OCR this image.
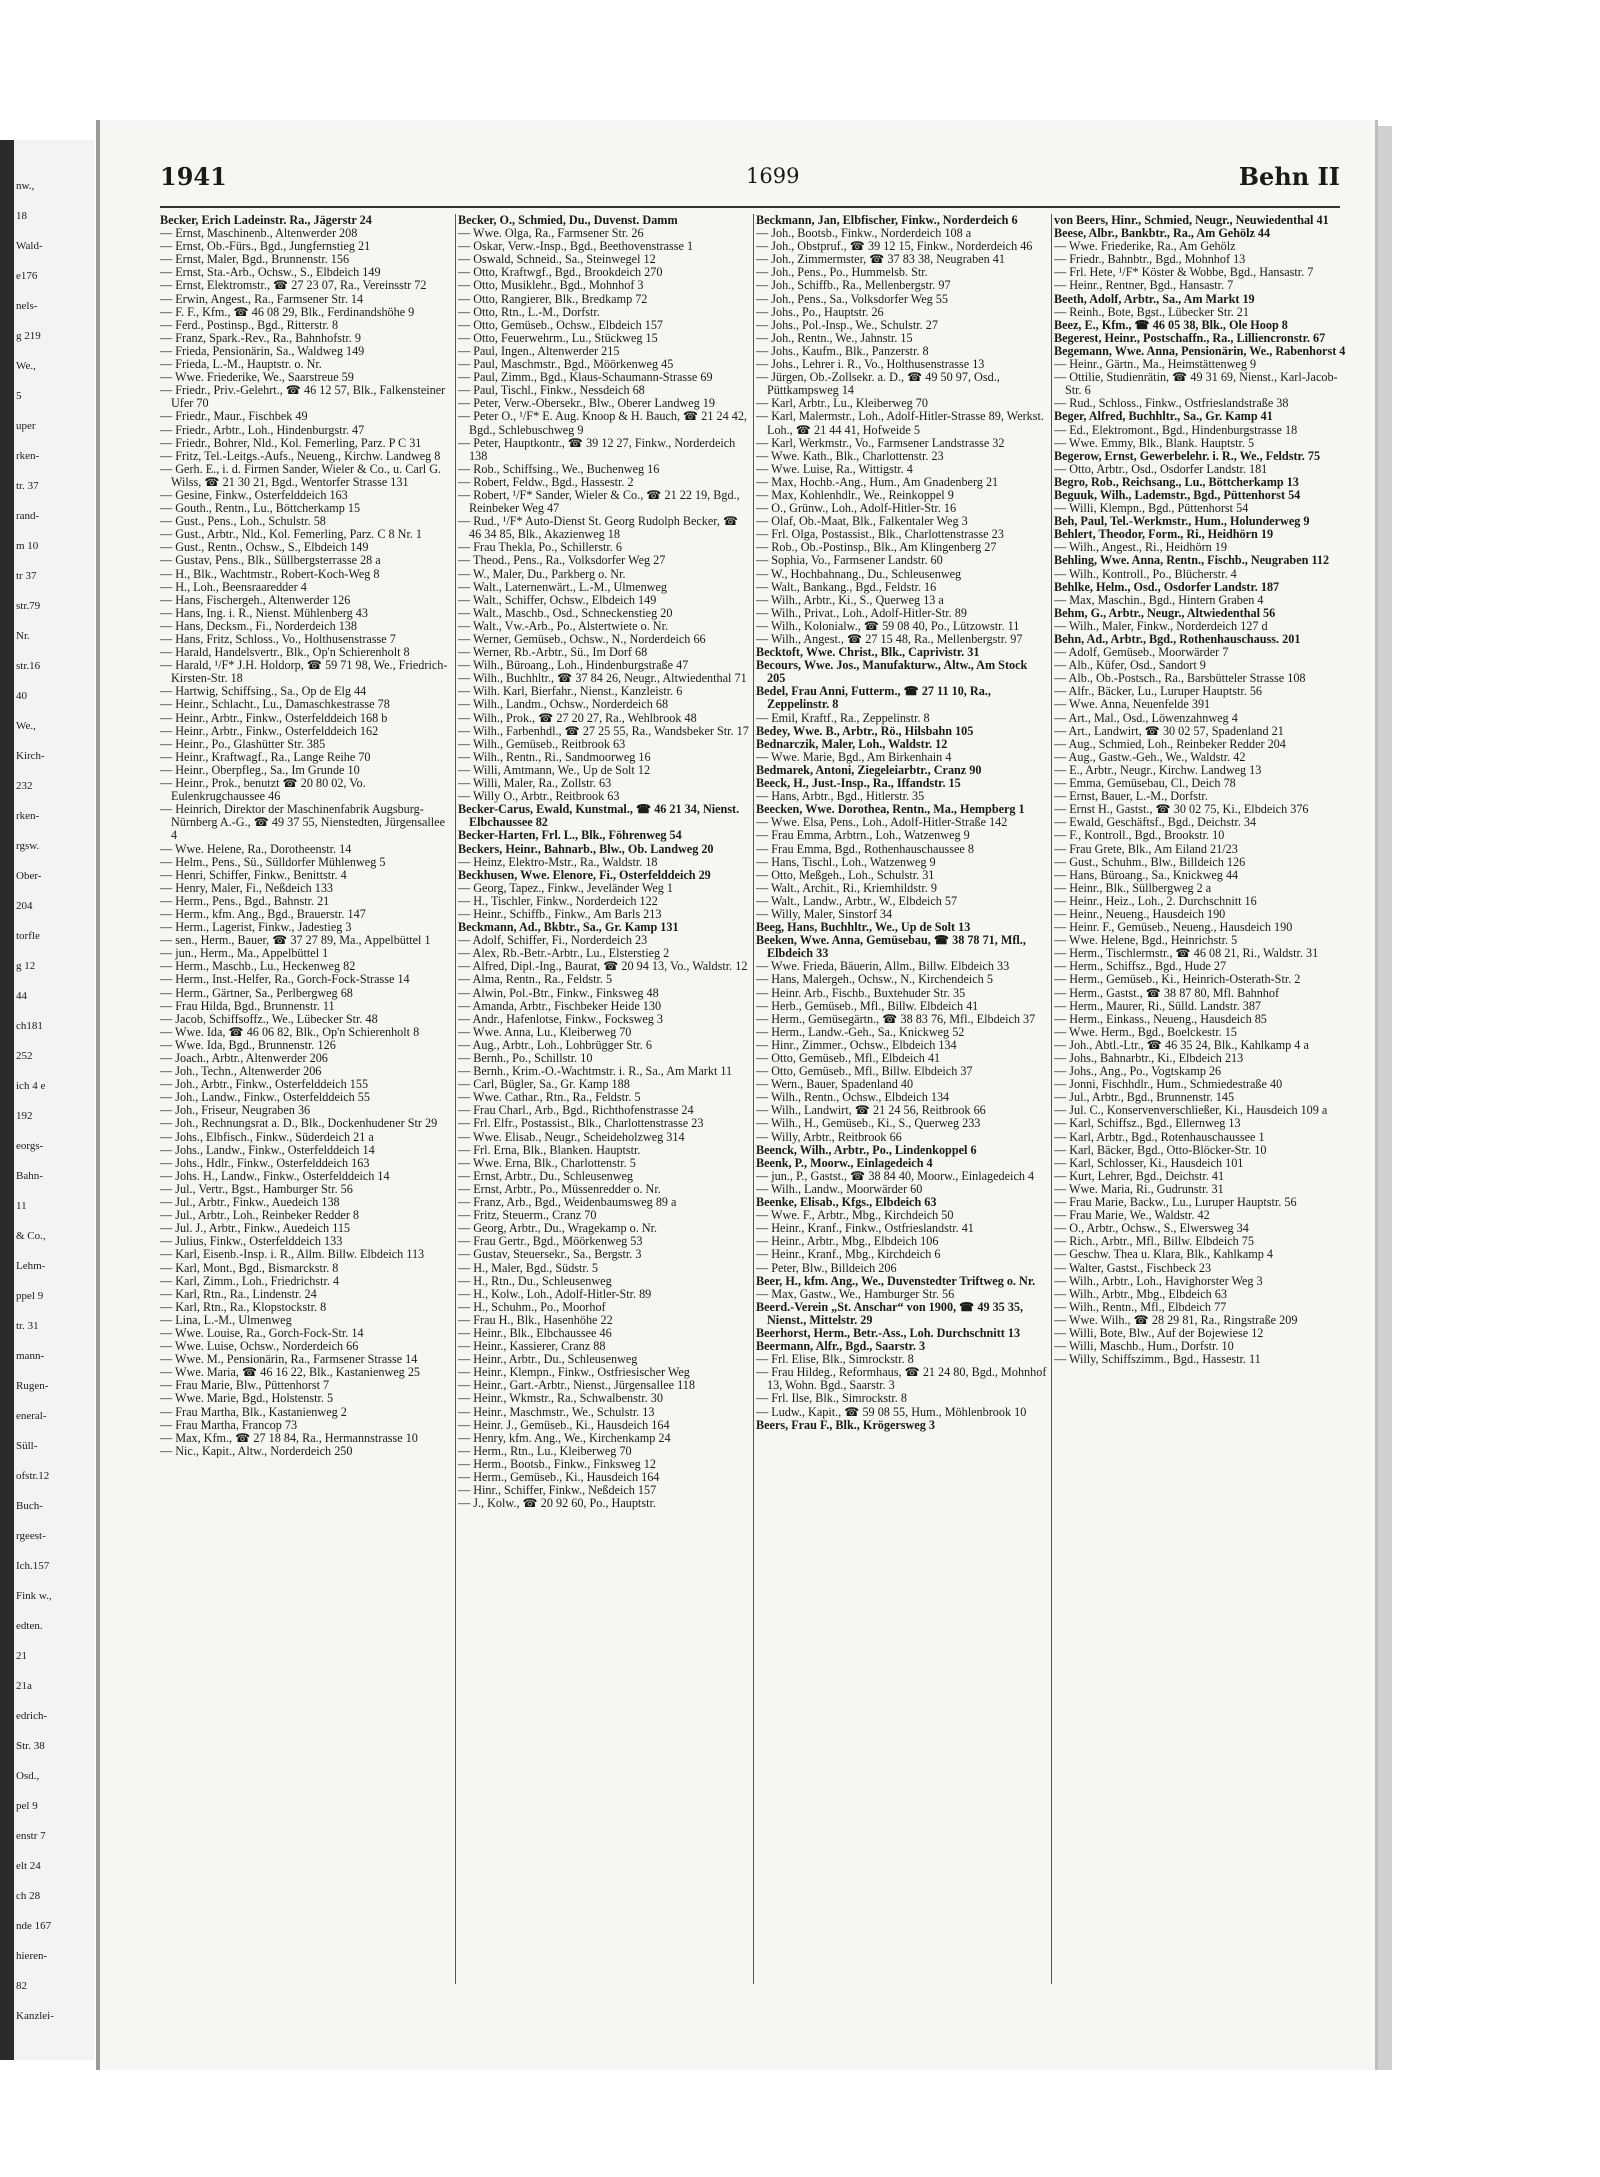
nw.,
18
Wald-
e176
nels-
g 219
We.,
5
uper
rken-
tr. 37
rand-
m 10
tr 37
str.79
Nr.
str.16
40
We.,
Kirch-
232
rken-
rgsw.
Ober-
204
torfle
g 12
44
ch181
252
ich 4 e
192
eorgs-
Bahn-
11
& Co.,
Lehm-
ppel 9
tr. 31
mann-
Rugen-
eneral-
Süll-
ofstr.12
Buch-
rgeest-
Ich.157
Fink w.,
edten.
21
21a
edrich-
Str. 38
Osd.,
pel 9
enstr 7
elt 24
ch 28
nde 167
hieren-
82
Kanzlei-
1941	1699	Behn II

Becker, Erich Ladeinstr. Ra., Jägerstr 24

— Ernst, Maschinenb., Altenwerder 208

— Ernst, Ob.-Fürs., Bgd., Jungfernstieg 21

— Ernst, Maler, Bgd., Brunnenstr. 156

— Ernst, Sta.-Arb., Ochsw., S., Elbdeich 149

— Ernst, Elektromstr., ☎ 27 23 07, Ra., Vereinsstr 72

— Erwin, Angest., Ra., Farmsener Str. 14

— F. F., Kfm., ☎ 46 08 29, Blk., Ferdinandshöhe 9

— Ferd., Postinsp., Bgd., Ritterstr. 8

— Franz, Spark.-Rev., Ra., Bahnhofstr. 9

— Frieda, Pensionärin, Sa., Waldweg 149

— Frieda, L.-M., Hauptstr. o. Nr.

— Wwe. Friederike, We., Saarstreue 59

— Friedr., Priv.-Gelehrt., ☎ 46 12 57, Blk., Falkensteiner Ufer 70

— Friedr., Maur., Fischbek 49

— Friedr., Arbtr., Loh., Hindenburgstr. 47

— Friedr., Bohrer, Nld., Kol. Femerling, Parz. P C 31

— Fritz, Tel.-Leitgs.-Aufs., Neueng., Kirchw. Landweg 8

— Gerh. E., i. d. Firmen Sander, Wieler & Co., u. Carl G. Wilss, ☎ 21 30 21, Bgd., Wentorfer Strasse 131

— Gesine, Finkw., Osterfelddeich 163

— Gouth., Rentn., Lu., Böttcherkamp 15

— Gust., Pens., Loh., Schulstr. 58

— Gust., Arbtr., Nld., Kol. Femerling, Parz. C 8 Nr. 1

— Gust., Rentn., Ochsw., S., Elbdeich 149

— Gustav, Pens., Blk., Süllbergsterrasse 28 a

— H., Blk., Wachtmstr., Robert-Koch-Weg 8

— H., Loh., Beensraaredder 4

— Hans, Fischergeh., Altenwerder 126

— Hans, Ing. i. R., Nienst. Mühlenberg 43

— Hans, Decksm., Fi., Norderdeich 138

— Hans, Fritz, Schloss., Vo., Holthusenstrasse 7

— Harald, Handelsvertr., Blk., Op'n Schierenholt 8

— Harald, ¹/F* J.H. Holdorp, ☎ 59 71 98, We., Friedrich-Kirsten-Str. 18

— Hartwig, Schiffsing., Sa., Op de Elg 44

— Heinr., Schlacht., Lu., Damaschkestrasse 78

— Heinr., Arbtr., Finkw., Osterfelddeich 168 b

— Heinr., Arbtr., Finkw., Osterfelddeich 162

— Heinr., Po., Glashütter Str. 385

— Heinr., Kraftwagf., Ra., Lange Reihe 70

— Heinr., Oberpfleg., Sa., Im Grunde 10

— Heinr., Prok., benutzt ☎ 20 80 02, Vo. Eulenkrugchaussee 46

— Heinrich, Direktor der Maschinenfabrik Augsburg-Nürnberg A.-G., ☎ 49 37 55, Nienstedten, Jürgensallee 4

— Wwe. Helene, Ra., Dorotheenstr. 14

— Helm., Pens., Sü., Sülldorfer Mühlenweg 5

— Henri, Schiffer, Finkw., Benittstr. 4

— Henry, Maler, Fi., Neßdeich 133

— Herm., Pens., Bgd., Bahnstr. 21

— Herm., kfm. Ang., Bgd., Brauerstr. 147

— Herm., Lagerist, Finkw., Jadestieg 3

— sen., Herm., Bauer, ☎ 37 27 89, Ma., Appelbüttel 1

— jun., Herm., Ma., Appelbüttel 1

— Herm., Maschb., Lu., Heckenweg 82

— Herm., Inst.-Helfer, Ra., Gorch-Fock-Strasse 14

— Herm., Gärtner, Sa., Perlbergweg 68

— Frau Hilda, Bgd., Brunnenstr. 11

— Jacob, Schiffsoffz., We., Lübecker Str. 48

— Wwe. Ida, ☎ 46 06 82, Blk., Op'n Schierenholt 8

— Wwe. Ida, Bgd., Brunnenstr. 126

— Joach., Arbtr., Altenwerder 206

— Joh., Techn., Altenwerder 206

— Joh., Arbtr., Finkw., Osterfelddeich 155

— Joh., Landw., Finkw., Osterfelddeich 55

— Joh., Friseur, Neugraben 36

— Joh., Rechnungsrat a. D., Blk., Dockenhudener Str 29

— Johs., Elbfisch., Finkw., Süderdeich 21 a

— Johs., Landw., Finkw., Osterfelddeich 14

— Johs., Hdlr., Finkw., Osterfelddeich 163

— Johs. H., Landw., Finkw., Osterfelddeich 14

— Jul., Vertr., Bgst., Hamburger Str. 56

— Jul., Arbtr., Finkw., Auedeich 138

— Jul., Arbtr., Loh., Reinbeker Redder 8

— Jul. J., Arbtr., Finkw., Auedeich 115

— Julius, Finkw., Osterfelddeich 133

— Karl, Eisenb.-Insp. i. R., Allm. Billw. Elbdeich 113

— Karl, Mont., Bgd., Bismarckstr. 8

— Karl, Zimm., Loh., Friedrichstr. 4

— Karl, Rtn., Ra., Lindenstr. 24

— Karl, Rtn., Ra., Klopstockstr. 8

— Lina, L.-M., Ulmenweg

— Wwe. Louise, Ra., Gorch-Fock-Str. 14

— Wwe. Luise, Ochsw., Norderdeich 66

— Wwe. M., Pensionärin, Ra., Farmsener Strasse 14

— Wwe. Maria, ☎ 46 16 22, Blk., Kastanienweg 25

— Frau Marie, Blw., Püttenhorst 7

— Wwe. Marie, Bgd., Holstenstr. 5

— Frau Martha, Blk., Kastanienweg 2

— Frau Martha, Francop 73

— Max, Kfm., ☎ 27 18 84, Ra., Hermannstrasse 10

— Nic., Kapit., Altw., Norderdeich 250

Becker, O., Schmied, Du., Duvenst. Damm

— Wwe. Olga, Ra., Farmsener Str. 26

— Oskar, Verw.-Insp., Bgd., Beethovenstrasse 1

— Oswald, Schneid., Sa., Steinwegel 12

— Otto, Kraftwgf., Bgd., Brookdeich 270

— Otto, Musiklehr., Bgd., Mohnhof 3

— Otto, Rangierer, Blk., Bredkamp 72

— Otto, Rtn., L.-M., Dorfstr.

— Otto, Gemüseb., Ochsw., Elbdeich 157

— Otto, Feuerwehrm., Lu., Stückweg 15

— Paul, Ingen., Altenwerder 215

— Paul, Maschmstr., Bgd., Möörkenweg 45

— Paul, Zimm., Bgd., Klaus-Schaumann-Strasse 69

— Paul, Tischl., Finkw., Nessdeich 68

— Peter, Verw.-Obersekr., Blw., Oberer Landweg 19

— Peter O., ¹/F* E. Aug. Knoop & H. Bauch, ☎ 21 24 42, Bgd., Schlebuschweg 9

— Peter, Hauptkontr., ☎ 39 12 27, Finkw., Norderdeich 138

— Rob., Schiffsing., We., Buchenweg 16

— Robert, Feldw., Bgd., Hassestr. 2

— Robert, ¹/F* Sander, Wieler & Co., ☎ 21 22 19, Bgd., Reinbeker Weg 47

— Rud., ¹/F* Auto-Dienst St. Georg Rudolph Becker, ☎ 46 34 85, Blk., Akazienweg 18

— Frau Thekla, Po., Schillerstr. 6

— Theod., Pens., Ra., Volksdorfer Weg 27

— W., Maler, Du., Parkberg o. Nr.

— Walt., Laternenwärt., L.-M., Ulmenweg

— Walt., Schiffer, Ochsw., Elbdeich 149

— Walt., Maschb., Osd., Schneckenstieg 20

— Walt., Vw.-Arb., Po., Alstertwiete o. Nr.

— Werner, Gemüseb., Ochsw., N., Norderdeich 66

— Werner, Rb.-Arbtr., Sü., Im Dorf 68

— Wilh., Büroang., Loh., Hindenburgstraße 47

— Wilh., Buchhltr., ☎ 37 84 26, Neugr., Altwiedenthal 71

— Wilh. Karl, Bierfahr., Nienst., Kanzleistr. 6

— Wilh., Landm., Ochsw., Norderdeich 68

— Wilh., Prok., ☎ 27 20 27, Ra., Wehlbrook 48

— Wilh., Farbenhdl., ☎ 27 25 55, Ra., Wandsbeker Str. 17

— Wilh., Gemüseb., Reitbrook 63

— Wilh., Rentn., Ri., Sandmoorweg 16

— Willi, Amtmann, We., Up de Solt 12

— Willi, Maler, Ra., Zollstr. 63

— Willy O., Arbtr., Reitbrook 63

Becker-Carus, Ewald, Kunstmal., ☎ 46 21 34, Nienst. Elbchaussee 82

Becker-Harten, Frl. L., Blk., Föhrenweg 54

Beckers, Heinr., Bahnarb., Blw., Ob. Landweg 20

— Heinz, Elektro-Mstr., Ra., Waldstr. 18

Beckhusen, Wwe. Elenore, Fi., Osterfelddeich 29

— Georg, Tapez., Finkw., Jeveländer Weg 1

— H., Tischler, Finkw., Norderdeich 122

— Heinr., Schiffb., Finkw., Am Barls 213

Beckmann, Ad., Bkbtr., Sa., Gr. Kamp 131

— Adolf, Schiffer, Fi., Norderdeich 23

— Alex, Rb.-Betr.-Arbtr., Lu., Elsterstieg 2

— Alfred, Dipl.-Ing., Baurat, ☎ 20 94 13, Vo., Waldstr. 12

— Alma, Rentn., Ra., Feldstr. 5

— Alwin, Pol.-Btr., Finkw., Finksweg 48

— Amanda, Arbtr., Fischbeker Heide 130

— Andr., Hafenlotse, Finkw., Focksweg 3

— Wwe. Anna, Lu., Kleiberweg 70

— Aug., Arbtr., Loh., Lohbrügger Str. 6

— Bernh., Po., Schillstr. 10

— Bernh., Krim.-O.-Wachtmstr. i. R., Sa., Am Markt 11

— Carl, Bügler, Sa., Gr. Kamp 188

— Wwe. Cathar., Rtn., Ra., Feldstr. 5

— Frau Charl., Arb., Bgd., Richthofenstrasse 24

— Frl. Elfr., Postassist., Blk., Charlottenstrasse 23

— Wwe. Elisab., Neugr., Scheideholzweg 314

— Frl. Erna, Blk., Blanken. Hauptstr.

— Wwe. Erna, Blk., Charlottenstr. 5

— Ernst, Arbtr., Du., Schleusenweg

— Ernst, Arbtr., Po., Müssenredder o. Nr.

— Franz, Arb., Bgd., Weidenbaumsweg 89 a

— Fritz, Steuerm., Cranz 70

— Georg, Arbtr., Du., Wragekamp o. Nr.

— Frau Gertr., Bgd., Möörkenweg 53

— Gustav, Steuersekr., Sa., Bergstr. 3

— H., Maler, Bgd., Südstr. 5

— H., Rtn., Du., Schleusenweg

— H., Kolw., Loh., Adolf-Hitler-Str. 89

— H., Schuhm., Po., Moorhof

— Frau H., Blk., Hasenhöhe 22

— Heinr., Blk., Elbchaussee 46

— Heinr., Kassierer, Cranz 88

— Heinr., Arbtr., Du., Schleusenweg

— Heinr., Klempn., Finkw., Ostfriesischer Weg

— Heinr., Gart.-Arbtr., Nienst., Jürgensallee 118

— Heinr., Wkmstr., Ra., Schwalbenstr. 30

— Heinr., Maschmstr., We., Schulstr. 13

— Heinr. J., Gemüseb., Ki., Hausdeich 164

— Henry, kfm. Ang., We., Kirchenkamp 24

— Herm., Rtn., Lu., Kleiberweg 70

— Herm., Bootsb., Finkw., Finksweg 12

— Herm., Gemüseb., Ki., Hausdeich 164

— Hinr., Schiffer, Finkw., Neßdeich 157

— J., Kolw., ☎ 20 92 60, Po., Hauptstr.

Beckmann, Jan, Elbfischer, Finkw., Norderdeich 6

— Joh., Bootsb., Finkw., Norderdeich 108 a

— Joh., Obstpruf., ☎ 39 12 15, Finkw., Norderdeich 46

— Joh., Zimmermster, ☎ 37 83 38, Neugraben 41

— Joh., Pens., Po., Hummelsb. Str.

— Joh., Schiffb., Ra., Mellenbergstr. 97

— Joh., Pens., Sa., Volksdorfer Weg 55

— Johs., Po., Hauptstr. 26

— Johs., Pol.-Insp., We., Schulstr. 27

— Joh., Rentn., We., Jahnstr. 15

— Johs., Kaufm., Blk., Panzerstr. 8

— Johs., Lehrer i. R., Vo., Holthusenstrasse 13

— Jürgen, Ob.-Zollsekr. a. D., ☎ 49 50 97, Osd., Püttkampsweg 14

— Karl, Arbtr., Lu., Kleiberweg 70

— Karl, Malermstr., Loh., Adolf-Hitler-Strasse 89, Werkst. Loh., ☎ 21 44 41, Hofweide 5

— Karl, Werkmstr., Vo., Farmsener Landstrasse 32

— Wwe. Kath., Blk., Charlottenstr. 23

— Wwe. Luise, Ra., Wittigstr. 4

— Max, Hochb.-Ang., Hum., Am Gnadenberg 21

— Max, Kohlenhdlr., We., Reinkoppel 9

— O., Grünw., Loh., Adolf-Hitler-Str. 16

— Olaf, Ob.-Maat, Blk., Falkentaler Weg 3

— Frl. Olga, Postassist., Blk., Charlottenstrasse 23

— Rob., Ob.-Postinsp., Blk., Am Klingenberg 27

— Sophia, Vo., Farmsener Landstr. 60

— W., Hochbahnang., Du., Schleusenweg

— Walt., Bankang., Bgd., Feldstr. 16

— Wilh., Arbtr., Ki., S., Querweg 13 a

— Wilh., Privat., Loh., Adolf-Hitler-Str. 89

— Wilh., Kolonialw., ☎ 59 08 40, Po., Lützowstr. 11

— Wilh., Angest., ☎ 27 15 48, Ra., Mellenbergstr. 97

Becktoft, Wwe. Christ., Blk., Caprivistr. 31

Becours, Wwe. Jos., Manufakturw., Altw., Am Stock 205

Bedel, Frau Anni, Futterm., ☎ 27 11 10, Ra., Zeppelinstr. 8

— Emil, Kraftf., Ra., Zeppelinstr. 8

Bedey, Wwe. B., Arbtr., Rö., Hilsbahn 105

Bednarczik, Maler, Loh., Waldstr. 12

— Wwe. Marie, Bgd., Am Birkenhain 4

Bedmarek, Antoni, Ziegeleiarbtr., Cranz 90

Beeck, H., Just.-Insp., Ra., Iffandstr. 15

— Hans, Arbtr., Bgd., Hitlerstr. 35

Beecken, Wwe. Dorothea, Rentn., Ma., Hempberg 1

— Wwe. Elsa, Pens., Loh., Adolf-Hitler-Straße 142

— Frau Emma, Arbtrn., Loh., Watzenweg 9

— Frau Emma, Bgd., Rothenhauschaussee 8

— Hans, Tischl., Loh., Watzenweg 9

— Otto, Meßgeh., Loh., Schulstr. 31

— Walt., Archit., Ri., Kriemhildstr. 9

— Walt., Landw., Arbtr., W., Elbdeich 57

— Willy, Maler, Sinstorf 34

Beeg, Hans, Buchhltr., We., Up de Solt 13

Beeken, Wwe. Anna, Gemüsebau, ☎ 38 78 71, Mfl., Elbdeich 33

— Wwe. Frieda, Bäuerin, Allm., Billw. Elbdeich 33

— Hans, Malergeh., Ochsw., N., Kirchendeich 5

— Heinr. Arb., Fischb., Buxtehuder Str. 35

— Herb., Gemüseb., Mfl., Billw. Elbdeich 41

— Herm., Gemüsegärtn., ☎ 38 83 76, Mfl., Elbdeich 37

— Herm., Landw.-Geh., Sa., Knickweg 52

— Hinr., Zimmer., Ochsw., Elbdeich 134

— Otto, Gemüseb., Mfl., Elbdeich 41

— Otto, Gemüseb., Mfl., Billw. Elbdeich 37

— Wern., Bauer, Spadenland 40

— Wilh., Rentn., Ochsw., Elbdeich 134

— Wilh., Landwirt, ☎ 21 24 56, Reitbrook 66

— Wilh., H., Gemüseb., Ki., S., Querweg 233

— Willy, Arbtr., Reitbrook 66

Beenck, Wilh., Arbtr., Po., Lindenkoppel 6

Beenk, P., Moorw., Einlagedeich 4

— jun., P., Gastst., ☎ 38 84 40, Moorw., Einlagedeich 4

— Wilh., Landw., Moorwärder 60

Beenke, Elisab., Kfgs., Elbdeich 63

— Wwe. F., Arbtr., Mbg., Kirchdeich 50

— Heinr., Kranf., Finkw., Ostfrieslandstr. 41

— Heinr., Arbtr., Mbg., Elbdeich 106

— Heinr., Kranf., Mbg., Kirchdeich 6

— Peter, Blw., Billdeich 206

Beer, H., kfm. Ang., We., Duvenstedter Triftweg o. Nr.

— Max, Gastw., We., Hamburger Str. 56

Beerd.-Verein „St. Anschar“ von 1900, ☎ 49 35 35, Nienst., Mittelstr. 29

Beerhorst, Herm., Betr.-Ass., Loh. Durchschnitt 13

Beermann, Alfr., Bgd., Saarstr. 3

— Frl. Elise, Blk., Simrockstr. 8

— Frau Hildeg., Reformhaus, ☎ 21 24 80, Bgd., Mohnhof 13, Wohn. Bgd., Saarstr. 3

— Frl. Ilse, Blk., Simrockstr. 8

— Ludw., Kapit., ☎ 59 08 55, Hum., Möhlenbrook 10

Beers, Frau F., Blk., Krögersweg 3

von Beers, Hinr., Schmied, Neugr., Neuwiedenthal 41

Beese, Albr., Bankbtr., Ra., Am Gehölz 44

— Wwe. Friederike, Ra., Am Gehölz

— Friedr., Bahnbtr., Bgd., Mohnhof 13

— Frl. Hete, ¹/F* Köster & Wobbe, Bgd., Hansastr. 7

— Heinr., Rentner, Bgd., Hansastr. 7

Beeth, Adolf, Arbtr., Sa., Am Markt 19

— Reinh., Bote, Bgst., Lübecker Str. 21

Beez, E., Kfm., ☎ 46 05 38, Blk., Ole Hoop 8

Begerest, Heinr., Postschaffn., Ra., Lilliencronstr. 67

Begemann, Wwe. Anna, Pensionärin, We., Rabenhorst 4

— Heinr., Gärtn., Ma., Heimstättenweg 9

— Ottilie, Studienrätin, ☎ 49 31 69, Nienst., Karl-Jacob-Str. 6

— Rud., Schloss., Finkw., Ostfrieslandstraße 38

Beger, Alfred, Buchhltr., Sa., Gr. Kamp 41

— Ed., Elektromont., Bgd., Hindenburgstrasse 18

— Wwe. Emmy, Blk., Blank. Hauptstr. 5

Begerow, Ernst, Gewerbelehr. i. R., We., Feldstr. 75

— Otto, Arbtr., Osd., Osdorfer Landstr. 181

Begro, Rob., Reichsang., Lu., Böttcherkamp 13

Beguuk, Wilh., Lademstr., Bgd., Püttenhorst 54

— Willi, Klempn., Bgd., Püttenhorst 54

Beh, Paul, Tel.-Werkmstr., Hum., Holunderweg 9

Behlert, Theodor, Form., Ri., Heidhörn 19

— Wilh., Angest., Ri., Heidhörn 19

Behling, Wwe. Anna, Rentn., Fischb., Neugraben 112

— Wilh., Kontroll., Po., Blücherstr. 4

Behlke, Helm., Osd., Osdorfer Landstr. 187

— Max, Maschin., Bgd., Hintern Graben 4

Behm, G., Arbtr., Neugr., Altwiedenthal 56

— Wilh., Maler, Finkw., Norderdeich 127 d

Behn, Ad., Arbtr., Bgd., Rothenhauschauss. 201

— Adolf, Gemüseb., Moorwärder 7

— Alb., Küfer, Osd., Sandort 9

— Alb., Ob.-Postsch., Ra., Barsbütteler Strasse 108

— Alfr., Bäcker, Lu., Luruper Hauptstr. 56

— Wwe. Anna, Neuenfelde 391

— Art., Mal., Osd., Löwenzahnweg 4

— Art., Landwirt, ☎ 30 02 57, Spadenland 21

— Aug., Schmied, Loh., Reinbeker Redder 204

— Aug., Gastw.-Geh., We., Waldstr. 42

— E., Arbtr., Neugr., Kirchw. Landweg 13

— Emma, Gemüsebau, Cl., Deich 78

— Ernst, Bauer, L.-M., Dorfstr.

— Ernst H., Gastst., ☎ 30 02 75, Ki., Elbdeich 376

— Ewald, Geschäftsf., Bgd., Deichstr. 34

— F., Kontroll., Bgd., Brookstr. 10

— Frau Grete, Blk., Am Eiland 21/23

— Gust., Schuhm., Blw., Billdeich 126

— Hans, Büroang., Sa., Knickweg 44

— Heinr., Blk., Süllbergweg 2 a

— Heinr., Heiz., Loh., 2. Durchschnitt 16

— Heinr., Neueng., Hausdeich 190

— Heinr. F., Gemüseb., Neueng., Hausdeich 190

— Wwe. Helene, Bgd., Heinrichstr. 5

— Herm., Tischlermstr., ☎ 46 08 21, Ri., Waldstr. 31

— Herm., Schiffsz., Bgd., Hude 27

— Herm., Gemüseb., Ki., Heinrich-Osterath-Str. 2

— Herm., Gastst., ☎ 38 87 80, Mfl. Bahnhof

— Herm., Maurer, Ri., Sülld. Landstr. 387

— Herm., Einkass., Neueng., Hausdeich 85

— Wwe. Herm., Bgd., Boelckestr. 15

— Joh., Abtl.-Ltr., ☎ 46 35 24, Blk., Kahlkamp 4 a

— Johs., Bahnarbtr., Ki., Elbdeich 213

— Johs., Ang., Po., Vogtskamp 26

— Jonni, Fischhdlr., Hum., Schmiedestraße 40

— Jul., Arbtr., Bgd., Brunnenstr. 145

— Jul. C., Konservenverschließer, Ki., Hausdeich 109 a

— Karl, Schiffsz., Bgd., Ellernweg 13

— Karl, Arbtr., Bgd., Rotenhauschaussee 1

— Karl, Bäcker, Bgd., Otto-Blöcker-Str. 10

— Karl, Schlosser, Ki., Hausdeich 101

— Kurt, Lehrer, Bgd., Deichstr. 41

— Wwe. Maria, Ri., Gudrunstr. 31

— Frau Marie, Backw., Lu., Luruper Hauptstr. 56

— Frau Marie, We., Waldstr. 42

— O., Arbtr., Ochsw., S., Elwersweg 34

— Rich., Arbtr., Mfl., Billw. Elbdeich 75

— Geschw. Thea u. Klara, Blk., Kahlkamp 4

— Walter, Gastst., Fischbeck 23

— Wilh., Arbtr., Loh., Havighorster Weg 3

— Wilh., Arbtr., Mbg., Elbdeich 63

— Wilh., Rentn., Mfl., Elbdeich 77

— Wwe. Wilh., ☎ 28 29 81, Ra., Ringstraße 209

— Willi, Bote, Blw., Auf der Bojewiese 12

— Willi, Maschb., Hum., Dorfstr. 10

— Willy, Schiffszimm., Bgd., Hassestr. 11
